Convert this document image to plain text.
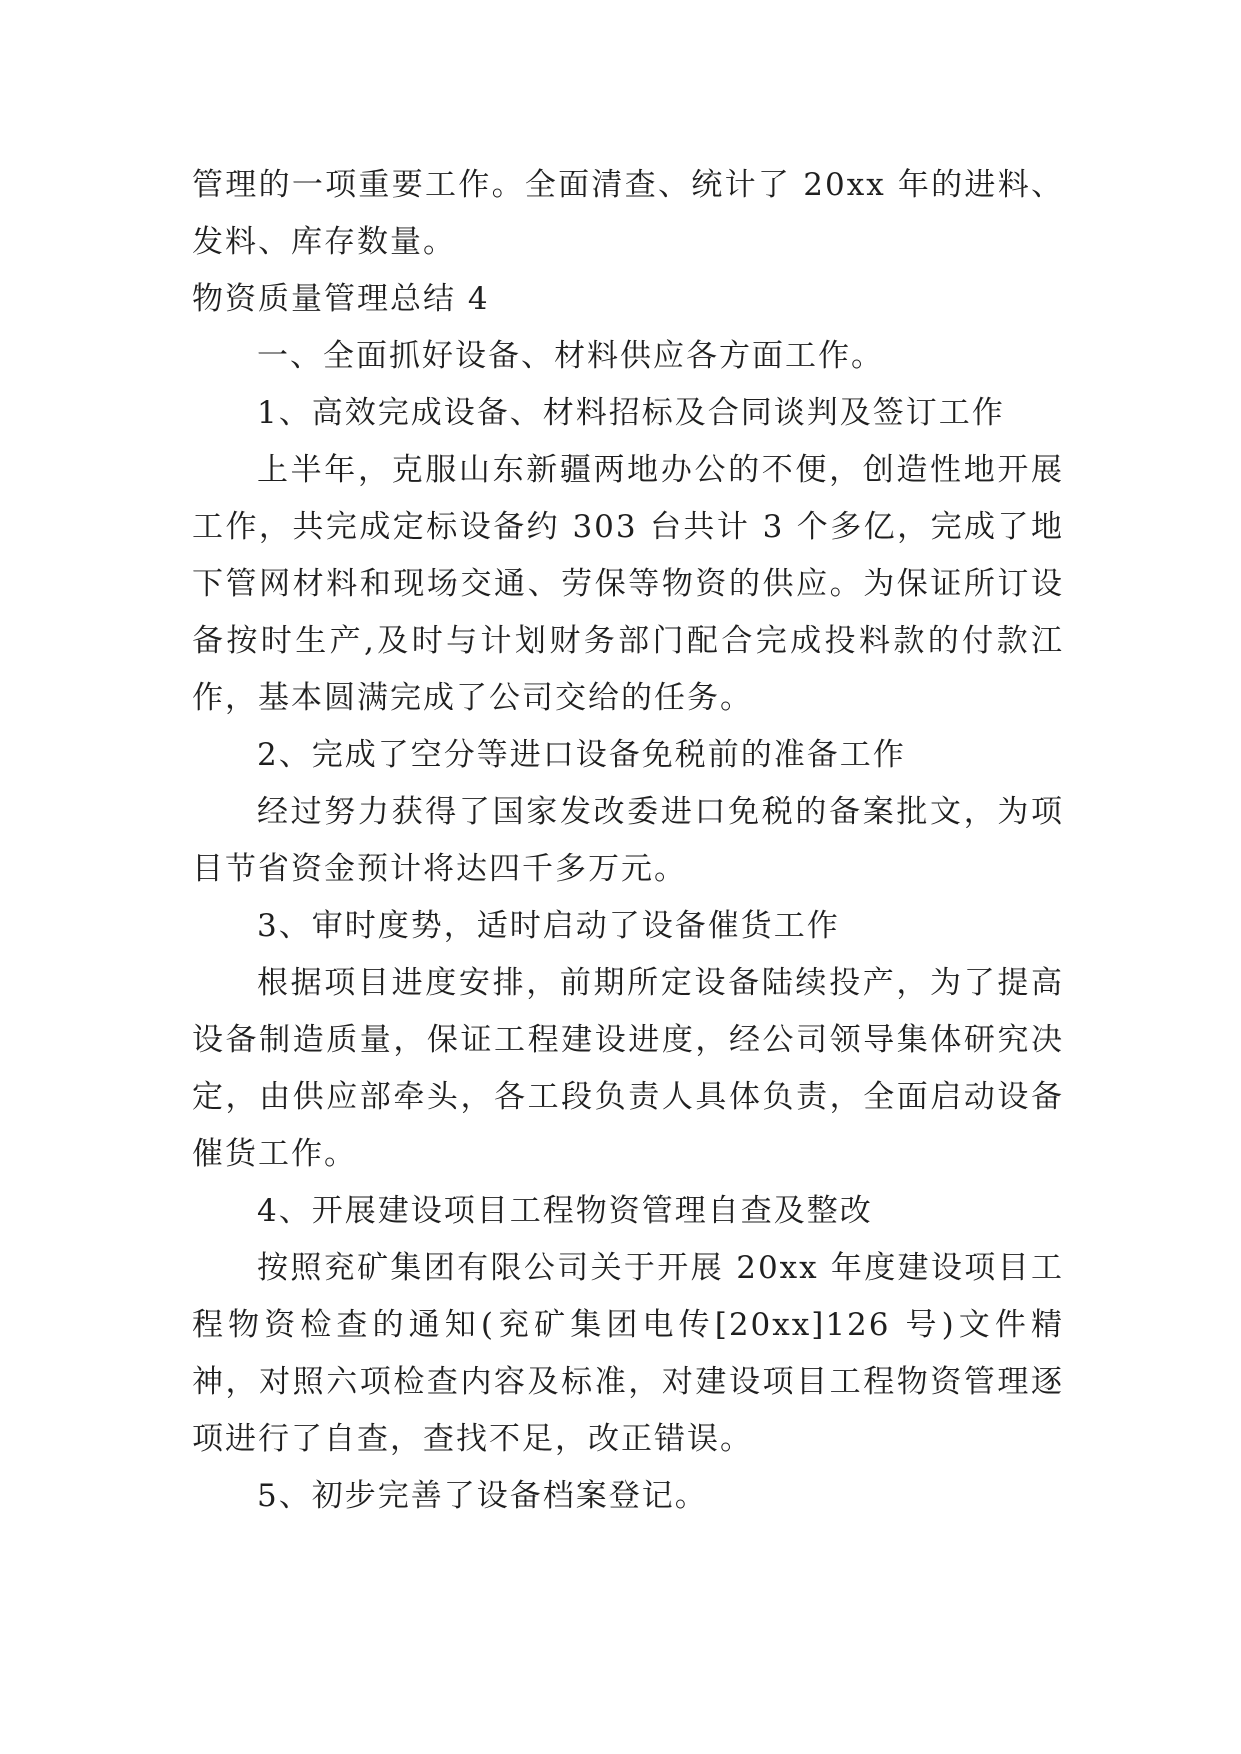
管理的一项重要工作。全面清查、统计了 20xx 年的进料、发料、库存数量。

物资质量管理总结 4

一、全面抓好设备、材料供应各方面工作。

1、高效完成设备、材料招标及合同谈判及签订工作

上半年，克服山东新疆两地办公的不便，创造性地开展工作，共完成定标设备约 303 台共计 3 个多亿，完成了地下管网材料和现场交通、劳保等物资的供应。为保证所订设备按时生产,及时与计划财务部门配合完成投料款的付款江作，基本圆满完成了公司交给的任务。

2、完成了空分等进口设备免税前的准备工作

经过努力获得了国家发改委进口免税的备案批文，为项目节省资金预计将达四千多万元。

3、审时度势，适时启动了设备催货工作

根据项目进度安排，前期所定设备陆续投产，为了提高设备制造质量，保证工程建设进度，经公司领导集体研究决定，由供应部牵头，各工段负责人具体负责，全面启动设备催货工作。

4、开展建设项目工程物资管理自查及整改

按照兖矿集团有限公司关于开展 20xx 年度建设项目工程物资检查的通知(兖矿集团电传[20xx]126 号)文件精神，对照六项检查内容及标准，对建设项目工程物资管理逐项进行了自查，查找不足，改正错误。

5、初步完善了设备档案登记。
